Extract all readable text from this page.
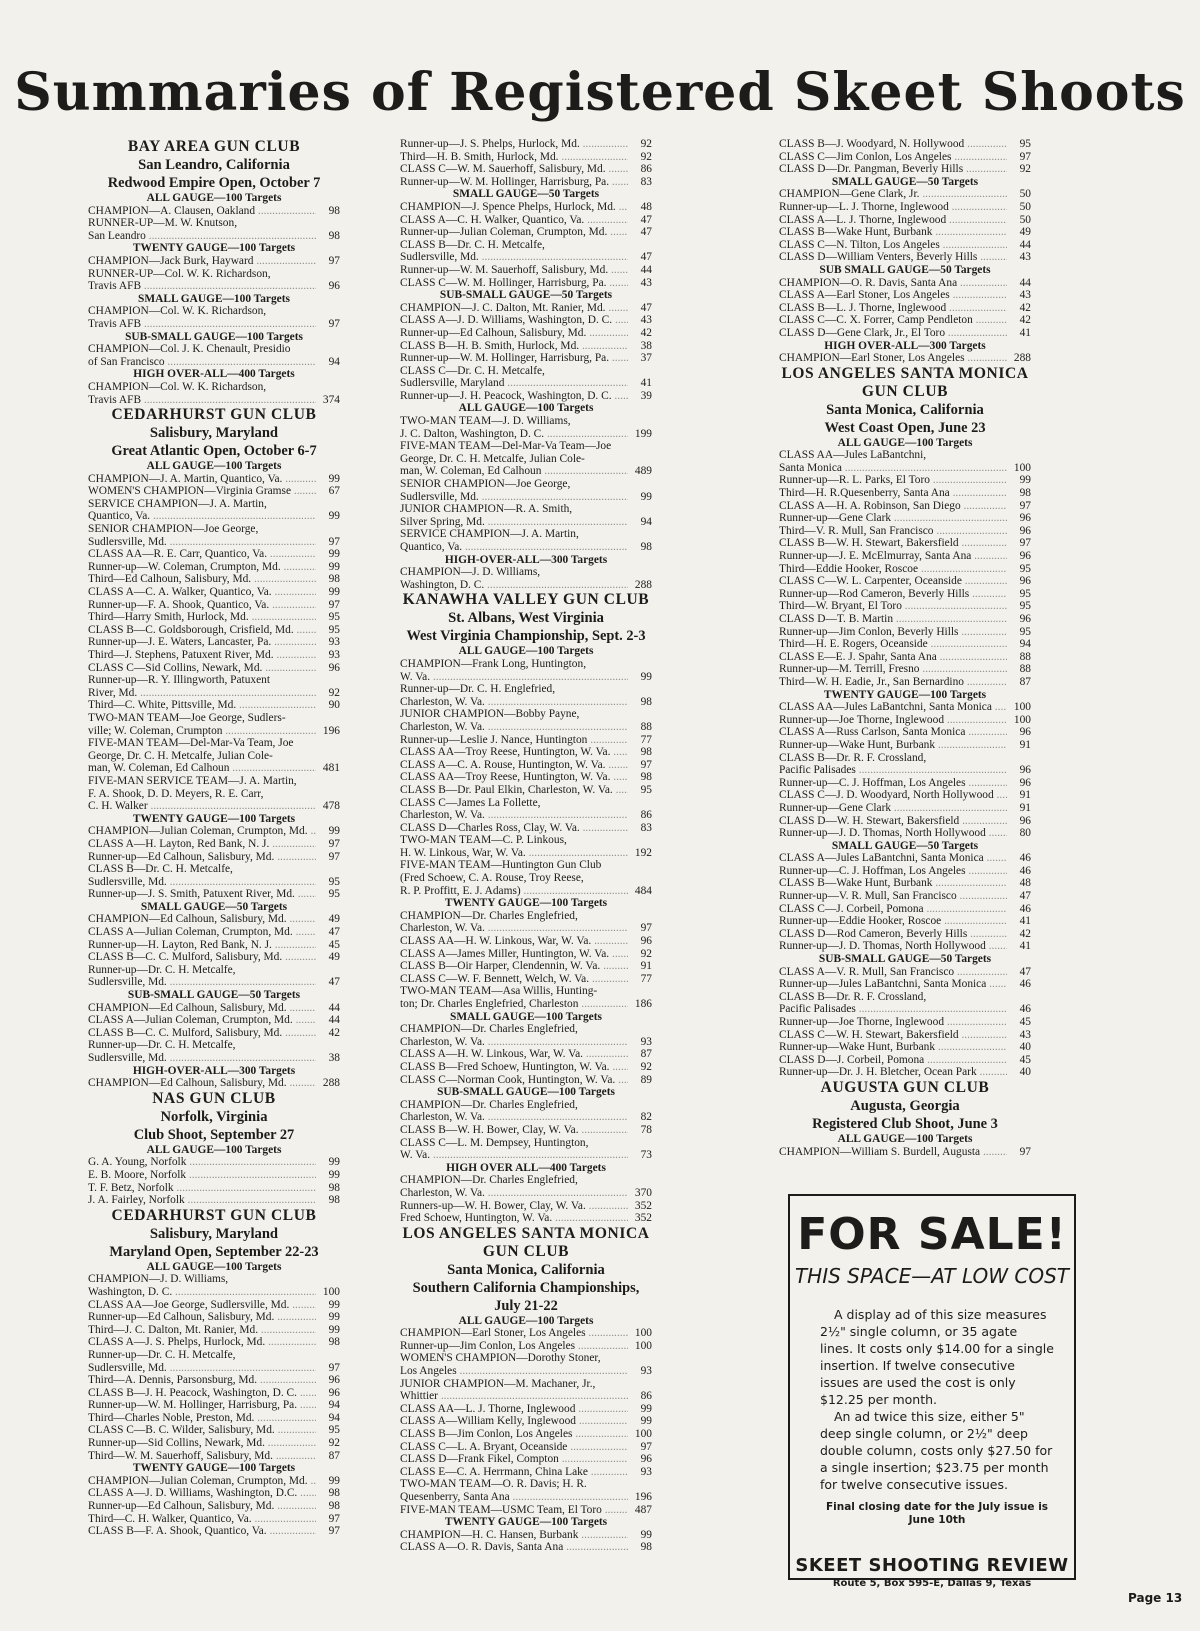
Summaries of Registered Skeet Shoots
BAY AREA GUN CLUB
San Leandro, California
Redwood Empire Open, October 7
ALL GAUGE—100 Targets
CHAMPION—A. Clausen, Oakland .....	98
RUNNER-UP—M. W. Knutson,
San Leandro .....	98
TWENTY GAUGE—100 Targets
CHAMPION—Jack Burk, Hayward .....	97
RUNNER-UP—Col. W. K. Richardson,
Travis AFB .....	96
SMALL GAUGE—100 Targets
CHAMPION—Col. W. K. Richardson,
Travis AFB .....	97
SUB-SMALL GAUGE—100 Targets
CHAMPION—Col. J. K. Chenault, Presidio
of San Francisco .....	94
HIGH OVER-ALL—400 Targets
CHAMPION—Col. W. K. Richardson,
Travis AFB .....	374
CEDARHURST GUN CLUB
Salisbury, Maryland
Great Atlantic Open, October 6-7
ALL GAUGE—100 Targets
CHAMPION—J. A. Martin, Quantico, Va. .....	99
WOMEN'S CHAMPION—Virginia Gramse .....	67
SERVICE CHAMPION—J. A. Martin,
Quantico, Va. .....	99
SENIOR CHAMPION—Joe George,
Sudlersville, Md. .....	97
CLASS AA—R. E. Carr, Quantico, Va. .....	99
Runner-up—W. Coleman, Crumpton, Md. .....	99
Third—Ed Calhoun, Salisbury, Md. .....	98
CLASS A—C. A. Walker, Quantico, Va. .....	99
Runner-up—F. A. Shook, Quantico, Va. .....	97
Third—Harry Smith, Hurlock, Md. .....	95
CLASS B—C. Goldsborough, Crisfield, Md. .....	95
Runner-up—J. E. Waters, Lancaster, Pa. .....	93
Third—J. Stephens, Patuxent River, Md. .....	93
CLASS C—Sid Collins, Newark, Md. .....	96
Runner-up—R. Y. Illingworth, Patuxent
River, Md. .....	92
Third—C. White, Pittsville, Md. .....	90
TWO-MAN TEAM—Joe George, Sudlers-
ville; W. Coleman, Crumpton .....	196
FIVE-MAN TEAM—Del-Mar-Va Team, Joe
George, Dr. C. H. Metcalfe, Julian Cole-
man, W. Coleman, Ed Calhoun .....	481
FIVE-MAN SERVICE TEAM—J. A. Martin,
F. A. Shook, D. D. Meyers, R. E. Carr,
C. H. Walker .....	478
TWENTY GAUGE—100 Targets
CHAMPION—Julian Coleman, Crumpton, Md. .....	99
CLASS A—H. Layton, Red Bank, N. J. .....	97
Runner-up—Ed Calhoun, Salisbury, Md. .....	97
CLASS B—Dr. C. H. Metcalfe,
Sudlersville, Md. .....	95
Runner-up—J. S. Smith, Patuxent River, Md. .....	95
SMALL GAUGE—50 Targets
CHAMPION—Ed Calhoun, Salisbury, Md. .....	49
CLASS A—Julian Coleman, Crumpton, Md. .....	47
Runner-up—H. Layton, Red Bank, N. J. .....	45
CLASS B—C. C. Mulford, Salisbury, Md. .....	49
Runner-up—Dr. C. H. Metcalfe,
Sudlersville, Md. .....	47
SUB-SMALL GAUGE—50 Targets
CHAMPION—Ed Calhoun, Salisbury, Md. .....	44
CLASS A—Julian Coleman, Crumpton, Md. .....	44
CLASS B—C. C. Mulford, Salisbury, Md. .....	42
Runner-up—Dr. C. H. Metcalfe,
Sudlersville, Md. .....	38
HIGH-OVER-ALL—300 Targets
CHAMPION—Ed Calhoun, Salisbury, Md. .....	288
NAS GUN CLUB
Norfolk, Virginia
Club Shoot, September 27
ALL GAUGE—100 Targets
G. A. Young, Norfolk .....	99
E. B. Moore, Norfolk .....	99
T. F. Betz, Norfolk .....	98
J. A. Fairley, Norfolk .....	98
CEDARHURST GUN CLUB
Salisbury, Maryland
Maryland Open, September 22-23
ALL GAUGE—100 Targets
CHAMPION—J. D. Williams,
Washington, D. C. .....	100
CLASS AA—Joe George, Sudlersville, Md. .....	99
Runner-up—Ed Calhoun, Salisbury, Md. .....	99
Third—J. C. Dalton, Mt. Ranier, Md. .....	99
CLASS A—J. S. Phelps, Hurlock, Md. .....	98
Runner-up—Dr. C. H. Metcalfe,
Sudlersville, Md. .....	97
Third—A. Dennis, Parsonsburg, Md. .....	96
CLASS B—J. H. Peacock, Washington, D. C. .....	96
Runner-up—W. M. Hollinger, Harrisburg, Pa. .....	94
Third—Charles Noble, Preston, Md. .....	94
CLASS C—B. C. Wilder, Salisbury, Md. .....	95
Runner-up—Sid Collins, Newark, Md. .....	92
Third—W. M. Sauerhoff, Salisbury, Md. .....	87
TWENTY GAUGE—100 Targets
CHAMPION—Julian Coleman, Crumpton, Md. .....	99
CLASS A—J. D. Williams, Washington, D.C. .....	98
Runner-up—Ed Calhoun, Salisbury, Md. .....	98
Third—C. H. Walker, Quantico, Va. .....	97
CLASS B—F. A. Shook, Quantico, Va. .....	97
Runner-up—J. S. Phelps, Hurlock, Md. .....	92
Third—H. B. Smith, Hurlock, Md. .....	92
CLASS C—W. M. Sauerhoff, Salisbury, Md. .....	86
Runner-up—W. M. Hollinger, Harrisburg, Pa. .....	83
SMALL GAUGE—50 Targets
CHAMPION—J. Spence Phelps, Hurlock, Md. .....	48
CLASS A—C. H. Walker, Quantico, Va. .....	47
Runner-up—Julian Coleman, Crumpton, Md. .....	47
CLASS B—Dr. C. H. Metcalfe,
Sudlersville, Md. .....	47
Runner-up—W. M. Sauerhoff, Salisbury, Md. .....	44
CLASS C—W. M. Hollinger, Harrisburg, Pa. .....	43
SUB-SMALL GAUGE—50 Targets
CHAMPION—J. C. Dalton, Mt. Ranier, Md. .....	47
CLASS A—J. D. Williams, Washington, D. C. .....	43
Runner-up—Ed Calhoun, Salisbury, Md. .....	42
CLASS B—H. B. Smith, Hurlock, Md. .....	38
Runner-up—W. M. Hollinger, Harrisburg, Pa. .....	37
CLASS C—Dr. C. H. Metcalfe,
Sudlersville, Maryland .....	41
Runner-up—J. H. Peacock, Washington, D. C. .....	39
ALL GAUGE—100 Targets
TWO-MAN TEAM—J. D. Williams,
J. C. Dalton, Washington, D. C. .....	199
FIVE-MAN TEAM—Del-Mar-Va Team—Joe
George, Dr. C. H. Metcalfe, Julian Cole-
man, W. Coleman, Ed Calhoun .....	489
SENIOR CHAMPION—Joe George,
Sudlersville, Md. .....	99
JUNIOR CHAMPION—R. A. Smith,
Silver Spring, Md. .....	94
SERVICE CHAMPION—J. A. Martin,
Quantico, Va. .....	98
HIGH-OVER-ALL—300 Targets
CHAMPION—J. D. Williams,
Washington, D. C. .....	288
KANAWHA VALLEY GUN CLUB
St. Albans, West Virginia
West Virginia Championship, Sept. 2-3
ALL GAUGE—100 Targets
CHAMPION—Frank Long, Huntington,
W. Va. .....	99
Runner-up—Dr. C. H. Englefried,
Charleston, W. Va. .....	98
JUNIOR CHAMPION—Bobby Payne,
Charleston, W. Va. .....	88
Runner-up—Leslie J. Nance, Huntington .....	77
CLASS AA—Troy Reese, Huntington, W. Va. .....	98
CLASS A—C. A. Rouse, Huntington, W. Va. .....	97
CLASS AA—Troy Reese, Huntington, W. Va. .....	98
CLASS B—Dr. Paul Elkin, Charleston, W. Va. .....	95
CLASS C—James La Follette,
Charleston, W. Va. .....	86
CLASS D—Charles Ross, Clay, W. Va. .....	83
TWO-MAN TEAM—C. P. Linkous,
H. W. Linkous, War, W. Va. .....	192
FIVE-MAN TEAM—Huntington Gun Club
(Fred Schoew, C. A. Rouse, Troy Reese,
R. P. Proffitt, E. J. Adams) .....	484
TWENTY GAUGE—100 Targets
CHAMPION—Dr. Charles Englefried,
Charleston, W. Va. .....	97
CLASS AA—H. W. Linkous, War, W. Va. .....	96
CLASS A—James Miller, Huntington, W. Va. .....	92
CLASS B—Oir Harper, Clendennin, W. Va. .....	91
CLASS C—W. F. Bennett, Welch, W. Va. .....	77
TWO-MAN TEAM—Asa Willis, Hunting-
ton; Dr. Charles Englefried, Charleston .....	186
SMALL GAUGE—100 Targets
CHAMPION—Dr. Charles Englefried,
Charleston, W. Va. .....	93
CLASS A—H. W. Linkous, War, W. Va. .....	87
CLASS B—Fred Schoew, Huntington, W. Va. .....	92
CLASS C—Norman Cook, Huntington, W. Va. .....	89
SUB-SMALL GAUGE—100 Targets
CHAMPION—Dr. Charles Englefried,
Charleston, W. Va. .....	82
CLASS B—W. H. Bower, Clay, W. Va. .....	78
CLASS C—L. M. Dempsey, Huntington,
W. Va. .....	73
HIGH OVER ALL—400 Targets
CHAMPION—Dr. Charles Englefried,
Charleston, W. Va. .....	370
Runners-up—W. H. Bower, Clay, W. Va. .....	352
Fred Schoew, Huntington, W. Va. .....	352
LOS ANGELES SANTA MONICA GUN CLUB
Santa Monica, California
Southern California Championships, July 21-22
ALL GAUGE—100 Targets
CHAMPION—Earl Stoner, Los Angeles .....	100
Runner-up—Jim Conlon, Los Angeles .....	100
WOMEN'S CHAMPION—Dorothy Stoner,
Los Angeles .....	93
JUNIOR CHAMPION—M. Machaner, Jr.,
Whittier .....	86
CLASS AA—L. J. Thorne, Inglewood .....	99
CLASS A—William Kelly, Inglewood .....	99
CLASS B—Jim Conlon, Los Angeles .....	100
CLASS C—L. A. Bryant, Oceanside .....	97
CLASS D—Frank Fikel, Compton .....	96
CLASS E—C. A. Herrmann, China Lake .....	93
TWO-MAN TEAM—O. R. Davis; H. R.
Quesenberry, Santa Ana .....	196
FIVE-MAN TEAM—USMC Team, El Toro .....	487
TWENTY GAUGE—100 Targets
CHAMPION—H. C. Hansen, Burbank .....	99
CLASS A—O. R. Davis, Santa Ana .....	98
CLASS B—J. Woodyard, N. Hollywood .....	95
CLASS C—Jim Conlon, Los Angeles .....	97
CLASS D—Dr. Pangman, Beverly Hills .....	92
SMALL GAUGE—50 Targets
CHAMPION—Gene Clark, Jr. .....	50
Runner-up—L. J. Thorne, Inglewood .....	50
CLASS A—L. J. Thorne, Inglewood .....	50
CLASS B—Wake Hunt, Burbank .....	49
CLASS C—N. Tilton, Los Angeles .....	44
CLASS D—William Venters, Beverly Hills .....	43
SUB SMALL GAUGE—50 Targets
CHAMPION—O. R. Davis, Santa Ana .....	44
CLASS A—Earl Stoner, Los Angeles .....	43
CLASS B—L. J. Thorne, Inglewood .....	42
CLASS C—C. X. Forrer, Camp Pendleton .....	42
CLASS D—Gene Clark, Jr., El Toro .....	41
HIGH OVER-ALL—300 Targets
CHAMPION—Earl Stoner, Los Angeles .....	288
LOS ANGELES SANTA MONICA GUN CLUB
Santa Monica, California
West Coast Open, June 23
ALL GAUGE—100 Targets
CLASS AA—Jules LaBantchni,
Santa Monica .....	100
Runner-up—R. L. Parks, El Toro .....	99
Third—H. R.Quesenberry, Santa Ana .....	98
CLASS A—H. A. Robinson, San Diego .....	97
Runner-up—Gene Clark .....	96
Third—V. R. Mull, San Francisco .....	96
CLASS B—W. H. Stewart, Bakersfield .....	97
Runner-up—J. E. McElmurray, Santa Ana .....	96
Third—Eddie Hooker, Roscoe .....	95
CLASS C—W. L. Carpenter, Oceanside .....	96
Runner-up—Rod Cameron, Beverly Hills .....	95
Third—W. Bryant, El Toro .....	95
CLASS D—T. B. Martin .....	96
Runner-up—Jim Conlon, Beverly Hills .....	95
Third—H. E. Rogers, Oceanside .....	94
CLASS E—E. J. Spahr, Santa Ana .....	88
Runner-up—M. Terrill, Fresno .....	88
Third—W. H. Eadie, Jr., San Bernardino .....	87
TWENTY GAUGE—100 Targets
CLASS AA—Jules LaBantchni, Santa Monica .....	100
Runner-up—Joe Thorne, Inglewood .....	100
CLASS A—Russ Carlson, Santa Monica .....	96
Runner-up—Wake Hunt, Burbank .....	91
CLASS B—Dr. R. F. Crossland,
Pacific Palisades .....	96
Runner-up—C. J. Hoffman, Los Angeles .....	96
CLASS C—J. D. Woodyard, North Hollywood .....	91
Runner-up—Gene Clark .....	91
CLASS D—W. H. Stewart, Bakersfield .....	96
Runner-up—J. D. Thomas, North Hollywood .....	80
SMALL GAUGE—50 Targets
CLASS A—Jules LaBantchni, Santa Monica .....	46
Runner-up—C. J. Hoffman, Los Angeles .....	46
CLASS B—Wake Hunt, Burbank .....	48
Runner-up—V. R. Mull, San Francisco .....	47
CLASS C—J. Corbeil, Pomona .....	46
Runner-up—Eddie Hooker, Roscoe .....	41
CLASS D—Rod Cameron, Beverly Hills .....	42
Runner-up—J. D. Thomas, North Hollywood .....	41
SUB-SMALL GAUGE—50 Targets
CLASS A—V. R. Mull, San Francisco .....	47
Runner-up—Jules LaBantchni, Santa Monica .....	46
CLASS B—Dr. R. F. Crossland,
Pacific Palisades .....	46
Runner-up—Joe Thorne, Inglewood .....	45
CLASS C—W. H. Stewart, Bakersfield .....	43
Runner-up—Wake Hunt, Burbank .....	40
CLASS D—J. Corbeil, Pomona .....	45
Runner-up—Dr. J. H. Bletcher, Ocean Park .....	40
AUGUSTA GUN CLUB
Augusta, Georgia
Registered Club Shoot, June 3
ALL GAUGE—100 Targets
CHAMPION—William S. Burdell, Augusta .....	97
FOR SALE!
THIS SPACE—AT LOW COST

A display ad of this size measures 2½" single column, or 35 agate lines. It costs only $14.00 for a single insertion. If twelve consecutive issues are used the cost is only $12.25 per month.

An ad twice this size, either 5" deep single column, or 2½" deep double column, costs only $27.50 for a single insertion; $23.75 per month for twelve consecutive issues.

Final closing date for the July issue is June 10th
SKEET SHOOTING REVIEW
Route 5, Box 595-E, Dallas 9, Texas
Page 13
